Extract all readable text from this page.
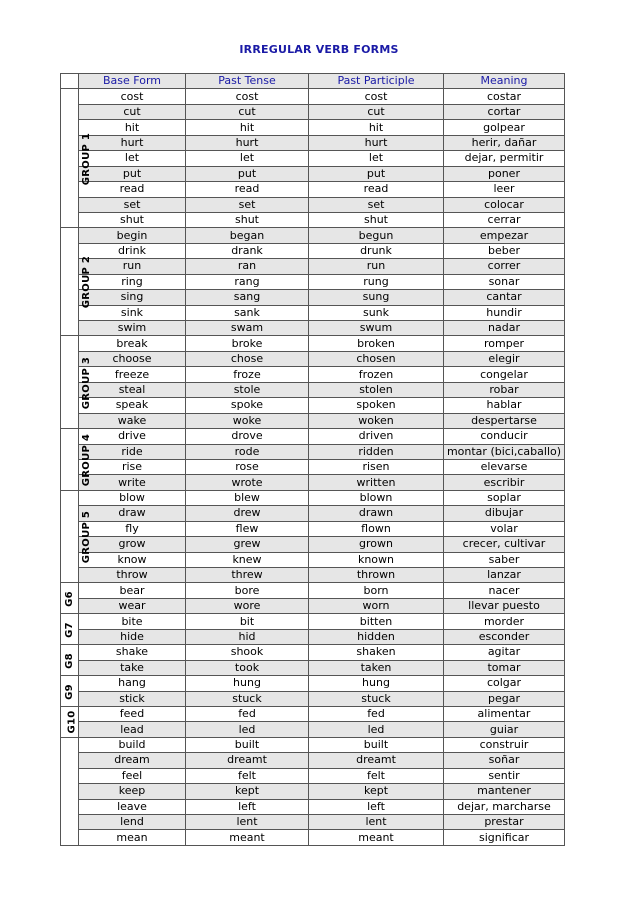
IRREGULAR VERB FORMS
	Base Form	Past Tense	Past Participle	Meaning
GROUP 1	cost	cost	cost	costar
	cut	cut	cut	cortar
	hit	hit	hit	golpear
	hurt	hurt	hurt	herir, dañar
	let	let	let	dejar, permitir
	put	put	put	poner
	read	read	read	leer
	set	set	set	colocar
	shut	shut	shut	cerrar
GROUP 2	begin	began	begun	empezar
	drink	drank	drunk	beber
	run	ran	run	correr
	ring	rang	rung	sonar
	sing	sang	sung	cantar
	sink	sank	sunk	hundir
	swim	swam	swum	nadar
GROUP 3	break	broke	broken	romper
	choose	chose	chosen	elegir
	freeze	froze	frozen	congelar
	steal	stole	stolen	robar
	speak	spoke	spoken	hablar
	wake	woke	woken	despertarse
GROUP 4	drive	drove	driven	conducir
	ride	rode	ridden	montar (bici,caballo)
	rise	rose	risen	elevarse
	write	wrote	written	escribir
GROUP 5	blow	blew	blown	soplar
	draw	drew	drawn	dibujar
	fly	flew	flown	volar
	grow	grew	grown	crecer, cultivar
	know	knew	known	saber
	throw	threw	thrown	lanzar
G6	bear	bore	born	nacer
	wear	wore	worn	llevar puesto
G7	bite	bit	bitten	morder
	hide	hid	hidden	esconder
G8	shake	shook	shaken	agitar
	take	took	taken	tomar
G9	hang	hung	hung	colgar
	stick	stuck	stuck	pegar
G10	feed	fed	fed	alimentar
	lead	led	led	guiar
	build	built	built	construir
	dream	dreamt	dreamt	soñar
	feel	felt	felt	sentir
	keep	kept	kept	mantener
	leave	left	left	dejar, marcharse
	lend	lent	lent	prestar
	mean	meant	meant	significar
